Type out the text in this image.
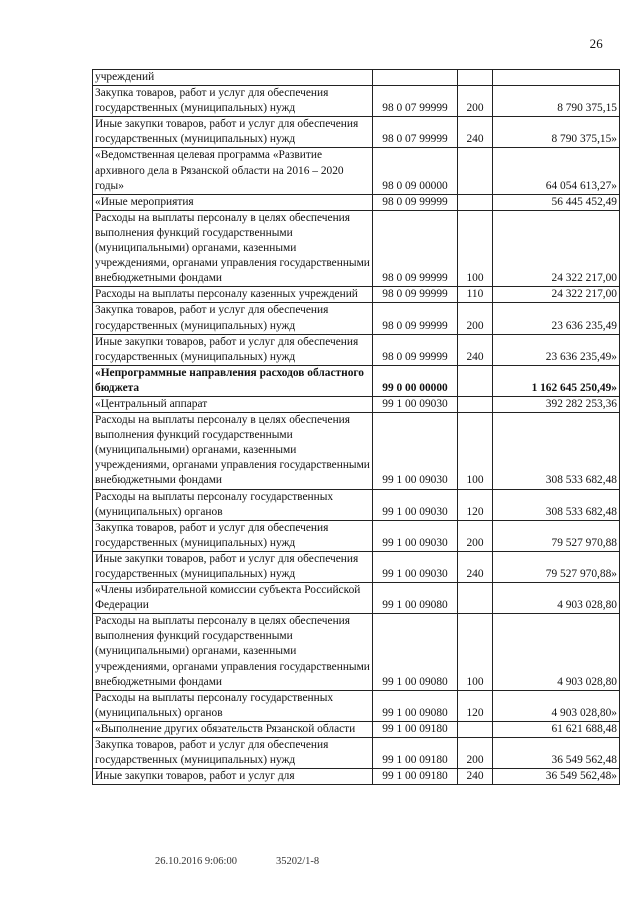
26
учреждений			
Закупка товаров, работ и услуг для обеспечения государственных (муниципальных) нужд	98 0 07 99999	200	8 790 375,15
Иные закупки товаров, работ и услуг для обеспечения государственных (муниципальных) нужд	98 0 07 99999	240	8 790 375,15»
«Ведомственная целевая программа «Развитие архивного дела в Рязанской области на 2016 – 2020 годы»	98 0 09 00000		64 054 613,27»
«Иные мероприятия	98 0 09 99999		56 445 452,49
Расходы на выплаты персоналу в целях обеспечения выполнения функций государственными (муниципальными) органами, казенными учреждениями, органами управления государственными внебюджетными фондами	98 0 09 99999	100	24 322 217,00
Расходы на выплаты персоналу казенных учреждений	98 0 09 99999	110	24 322 217,00
Закупка товаров, работ и услуг для обеспечения государственных (муниципальных) нужд	98 0 09 99999	200	23 636 235,49
Иные закупки товаров, работ и услуг для обеспечения государственных (муниципальных) нужд	98 0 09 99999	240	23 636 235,49»
«Непрограммные направления расходов областного бюджета	99 0 00 00000		1 162 645 250,49»
«Центральный аппарат	99 1 00 09030		392 282 253,36
Расходы на выплаты персоналу в целях обеспечения выполнения функций государственными (муниципальными) органами, казенными учреждениями, органами управления государственными внебюджетными фондами	99 1 00 09030	100	308 533 682,48
Расходы на выплаты персоналу государственных (муниципальных) органов	99 1 00 09030	120	308 533 682,48
Закупка товаров, работ и услуг для обеспечения государственных (муниципальных) нужд	99 1 00 09030	200	79 527 970,88
Иные закупки товаров, работ и услуг для обеспечения государственных (муниципальных) нужд	99 1 00 09030	240	79 527 970,88»
«Члены избирательной комиссии субъекта Российской Федерации	99 1 00 09080		4 903 028,80
Расходы на выплаты персоналу в целях обеспечения выполнения функций государственными (муниципальными) органами, казенными учреждениями, органами управления государственными внебюджетными фондами	99 1 00 09080	100	4 903 028,80
Расходы на выплаты персоналу государственных (муниципальных) органов	99 1 00 09080	120	4 903 028,80»
«Выполнение других обязательств Рязанской области	99 1 00 09180		61 621 688,48
Закупка товаров, работ и услуг для обеспечения государственных (муниципальных) нужд	99 1 00 09180	200	36 549 562,48
Иные закупки товаров, работ и услуг для	99 1 00 09180	240	36 549 562,48»
26.10.2016 9:06:00	35202/1-8
